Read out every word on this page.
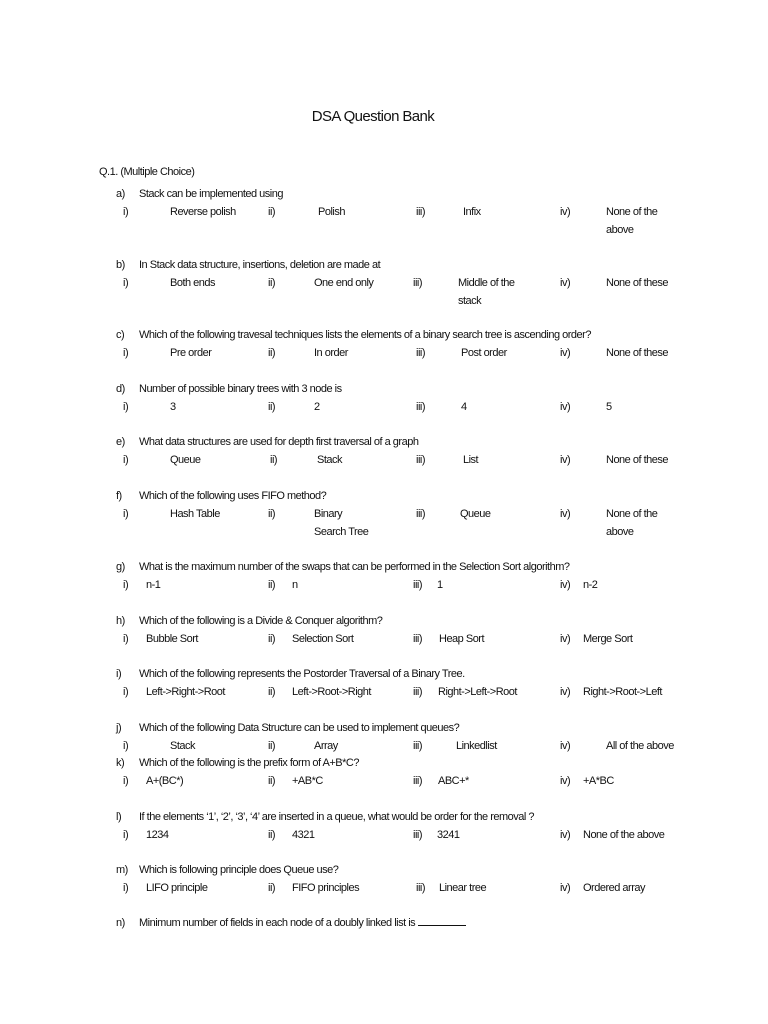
DSA Question Bank
Q.1. (Multiple Choice)
a) Stack can be implemented using
i)	Reverse polish	ii)	Polish	iii)	Infix	iv)	None of the above
b) In Stack data structure, insertions, deletion are made at
i)	Both ends	ii)	One end only	iii)	Middle of the stack
iv)	None of these
c) Which of the following travesal techniques lists the elements of a binary search tree is ascending order?
i)	Pre order	ii)	In order	iii)	Post order	iv)	None of these
d) Number of possible binary trees with 3 node is
i)	3	ii)	2	iii)	4	iv)	5
e) What data structures are used for depth first traversal of a graph
i)	Queue	ii)	Stack	iii)	List	iv)	None of these
f) Which of the following uses FIFO method?
i)	Hash Table	ii)	Binary Search Tree
iii)	Queue	iv)	None of the above
g) What is the maximum number of the swaps that can be performed in the Selection Sort algorithm?
i) n-1	ii) n	iii) 1	iv) n-2
h) Which of the following is a Divide & Conquer algorithm?
i) Bubble Sort	ii) Selection Sort	iii) Heap Sort	iv) Merge Sort
i) Which of the following represents the Postorder Traversal of a Binary Tree.
i) Left->Right->Root	ii) Left->Root->Right	iii) Right->Left->Root	iv) Right->Root->Left
j) Which of the following Data Structure can be used to implement queues?
i)	Stack	ii)	Array	iii)	Linkedlist	iv)	All of the above
k) Which of the following is the prefix form of A+B*C?
i) A+(BC*)	ii) +AB*C	iii) ABC+*	iv) +A*BC
l) If the elements ‘1’, ‘2’, ‘3’, ‘4’ are inserted in a queue, what would be order for the removal ?
i) 1234	ii) 4321	iii) 3241	iv) None of the above
m) Which is following principle does Queue use?
i) LIFO principle	ii) FIFO principles	iii) Linear tree	iv) Ordered array
n) Minimum number of fields in each node of a doubly linked list is
